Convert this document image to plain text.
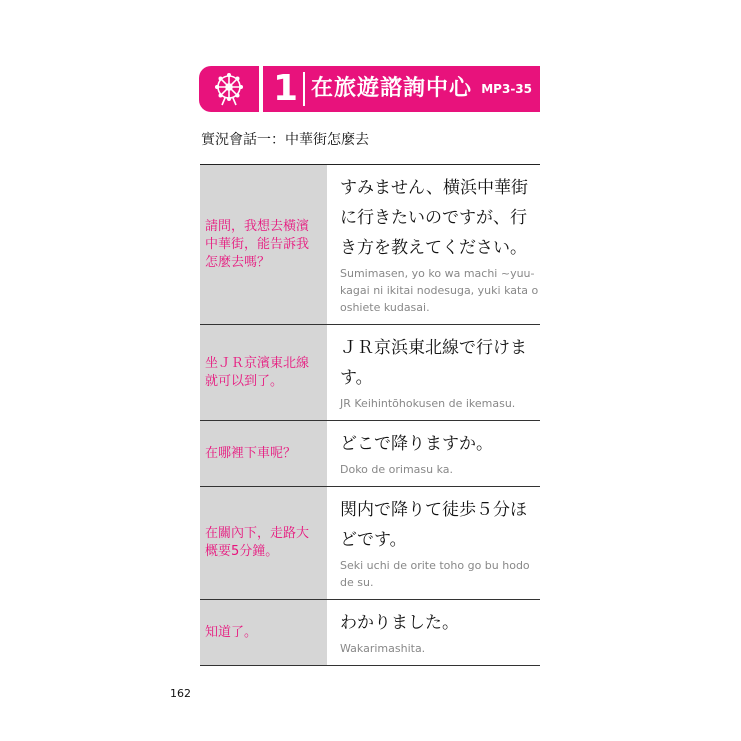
1 在旅遊諮詢中心 MP3-35
實況會話一：中華街怎麼去
請問，我想去橫濱中華街，能告訴我怎麼去嗎？	すみません、横浜中華街に行きたいのですが、行き方を教えてください。
Sumimasen, yo ko wa machi ~yuu-kagai ni ikitai nodesuga, yuki kata o oshiete kudasai.

坐ＪＲ京濱東北線就可以到了。	ＪＲ京浜東北線で行けます。
JR Keihintōhokusen de ikemasu.

在哪裡下車呢？	どこで降りますか。
Doko de orimasu ka.

在關內下，走路大概要5分鐘。	関内で降りて徒歩５分ほどです。
Seki uchi de orite toho go bu hodo de su.

知道了。	わかりました。
Wakarimashita.
162
